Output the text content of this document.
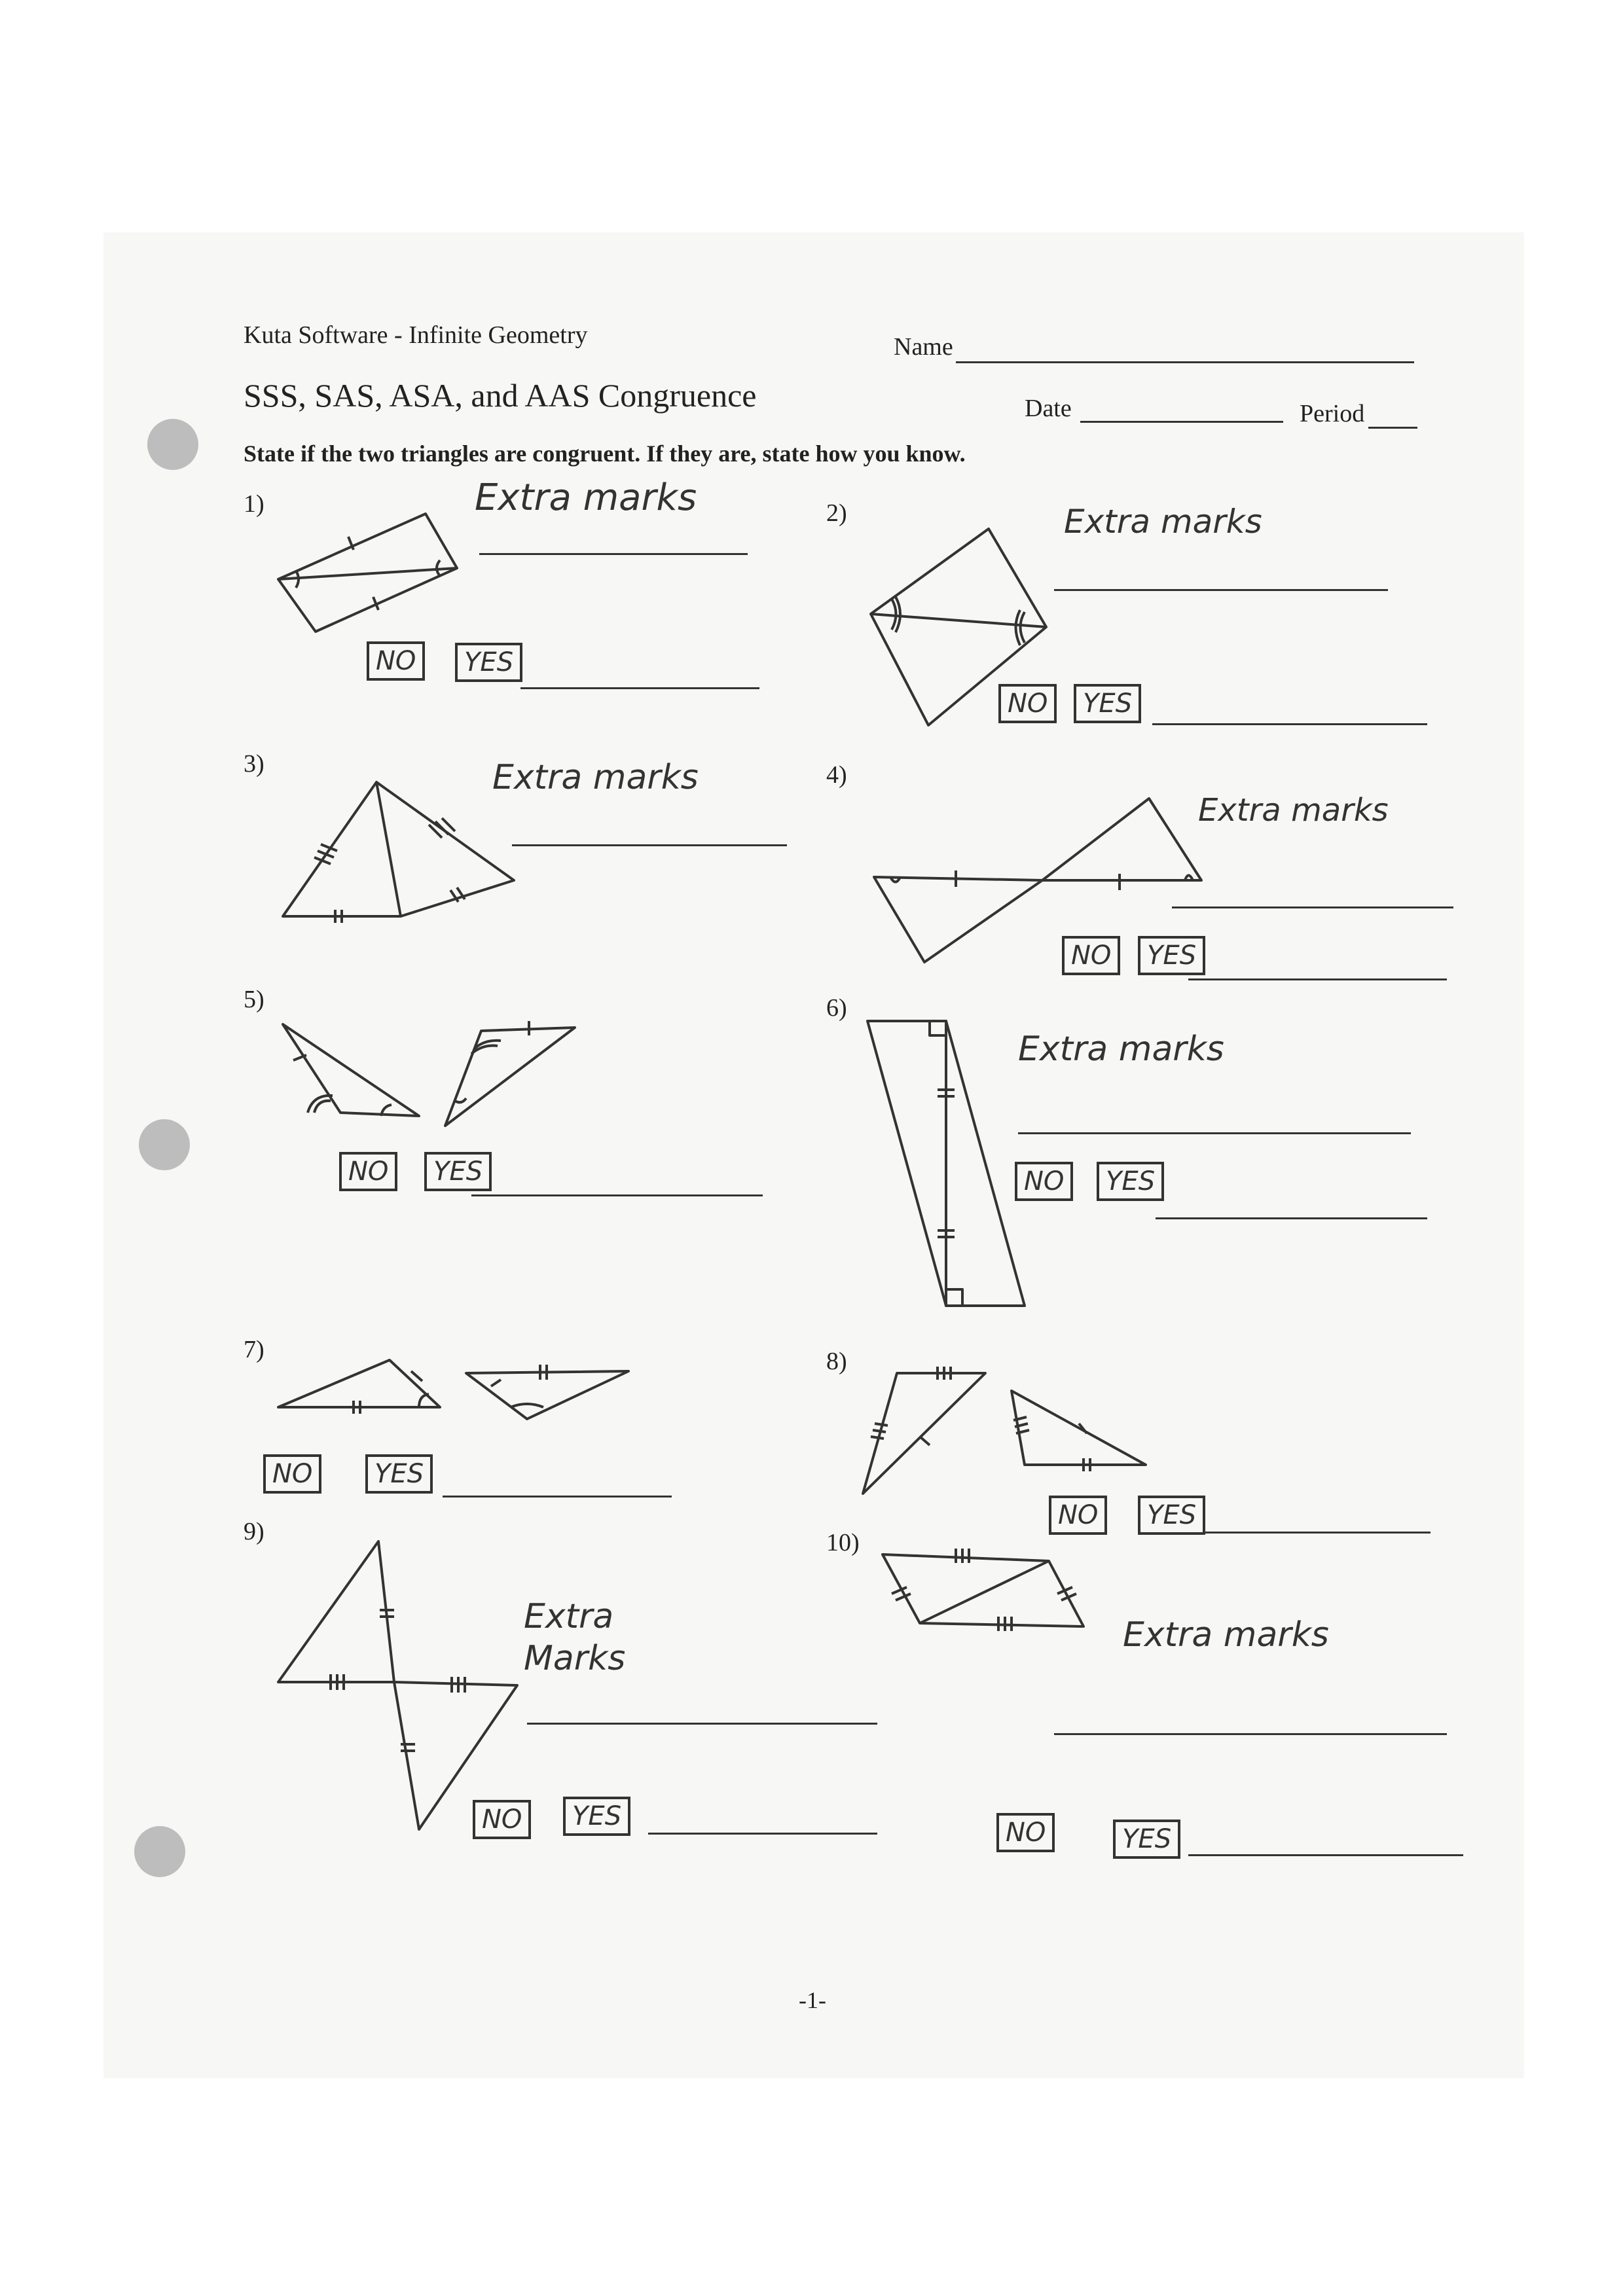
Kuta Software - Infinite Geometry
SSS, SAS, ASA, and AAS Congruence
Name
Date	Period
State if the two triangles are congruent. If they are, state how you know.
1)	2)
3)	4)
5)	6)
7)	8)
9)	10)
Extra marks
Extra marks
Extra marks
Extra marks
Extra marks
Extra marks
Extra Marks
NO	YES
NO	YES
NO	YES
NO	YES	NO	YES
NO	YES
NO	YES
NO	YES
NO	YES
-1-
